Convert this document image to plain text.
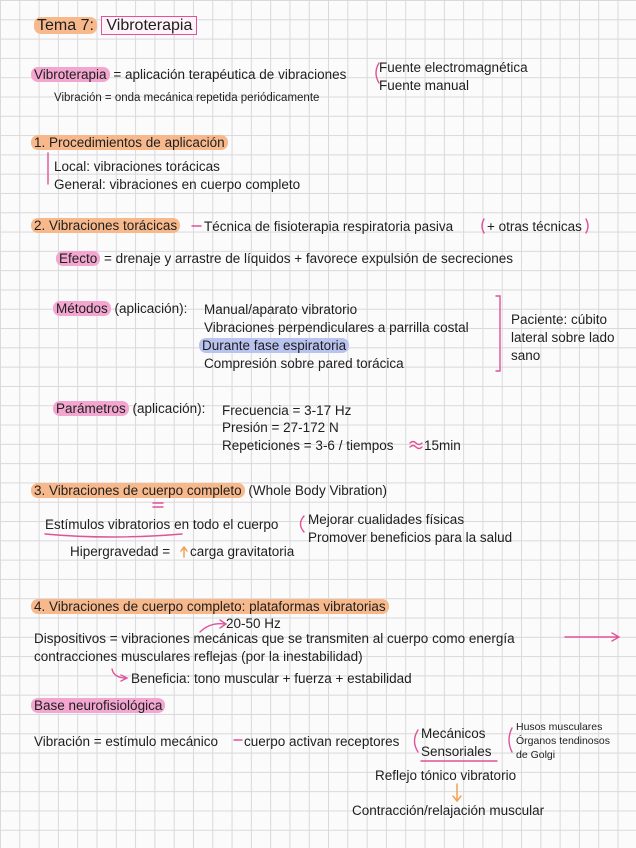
Tema 7: Vibroterapia
Vibroterapia = aplicación terapéutica de vibraciones Fuente electromagnética
Fuente manual
Vibración = onda mecánica repetida periódicamente
1. Procedimientos de aplicación
Local: vibraciones torácicas
General: vibraciones en cuerpo completo
2. Vibraciones torácicas Técnica de fisioterapia respiratoria pasiva	+ otras técnicas
Efecto = drenaje y arrastre de líquidos + favorece expulsión de secreciones
Métodos (aplicación): Manual/aparato vibratorio
Vibraciones perpendiculares a parrilla costal
Durante fase espiratoria
Compresión sobre pared torácica
Paciente: cúbito
lateral sobre lado
sano
Parámetros (aplicación): Frecuencia = 3-17 Hz
Presión = 27-172 N
Repeticiones = 3-6 / tiempos 15min
3. Vibraciones de cuerpo completo (Whole Body Vibration)
Estímulos vibratorios en todo el cuerpo Mejorar cualidades físicas
Promover beneficios para la salud
Hipergravedad = carga gravitatoria
4. Vibraciones de cuerpo completo: plataformas vibratorias
20-50 Hz
Dispositivos = vibraciones mecánicas que se transmiten al cuerpo como energía
contracciones musculares reflejas (por la inestabilidad)
Beneficia: tono muscular + fuerza + estabilidad
Base neurofisiológica
Vibración = estímulo mecánico cuerpo activan receptores
Mecánicos
Sensoriales
Husos musculares
Órganos tendinosos
de Golgi
Reflejo tónico vibratorio
Contracción/relajación muscular
